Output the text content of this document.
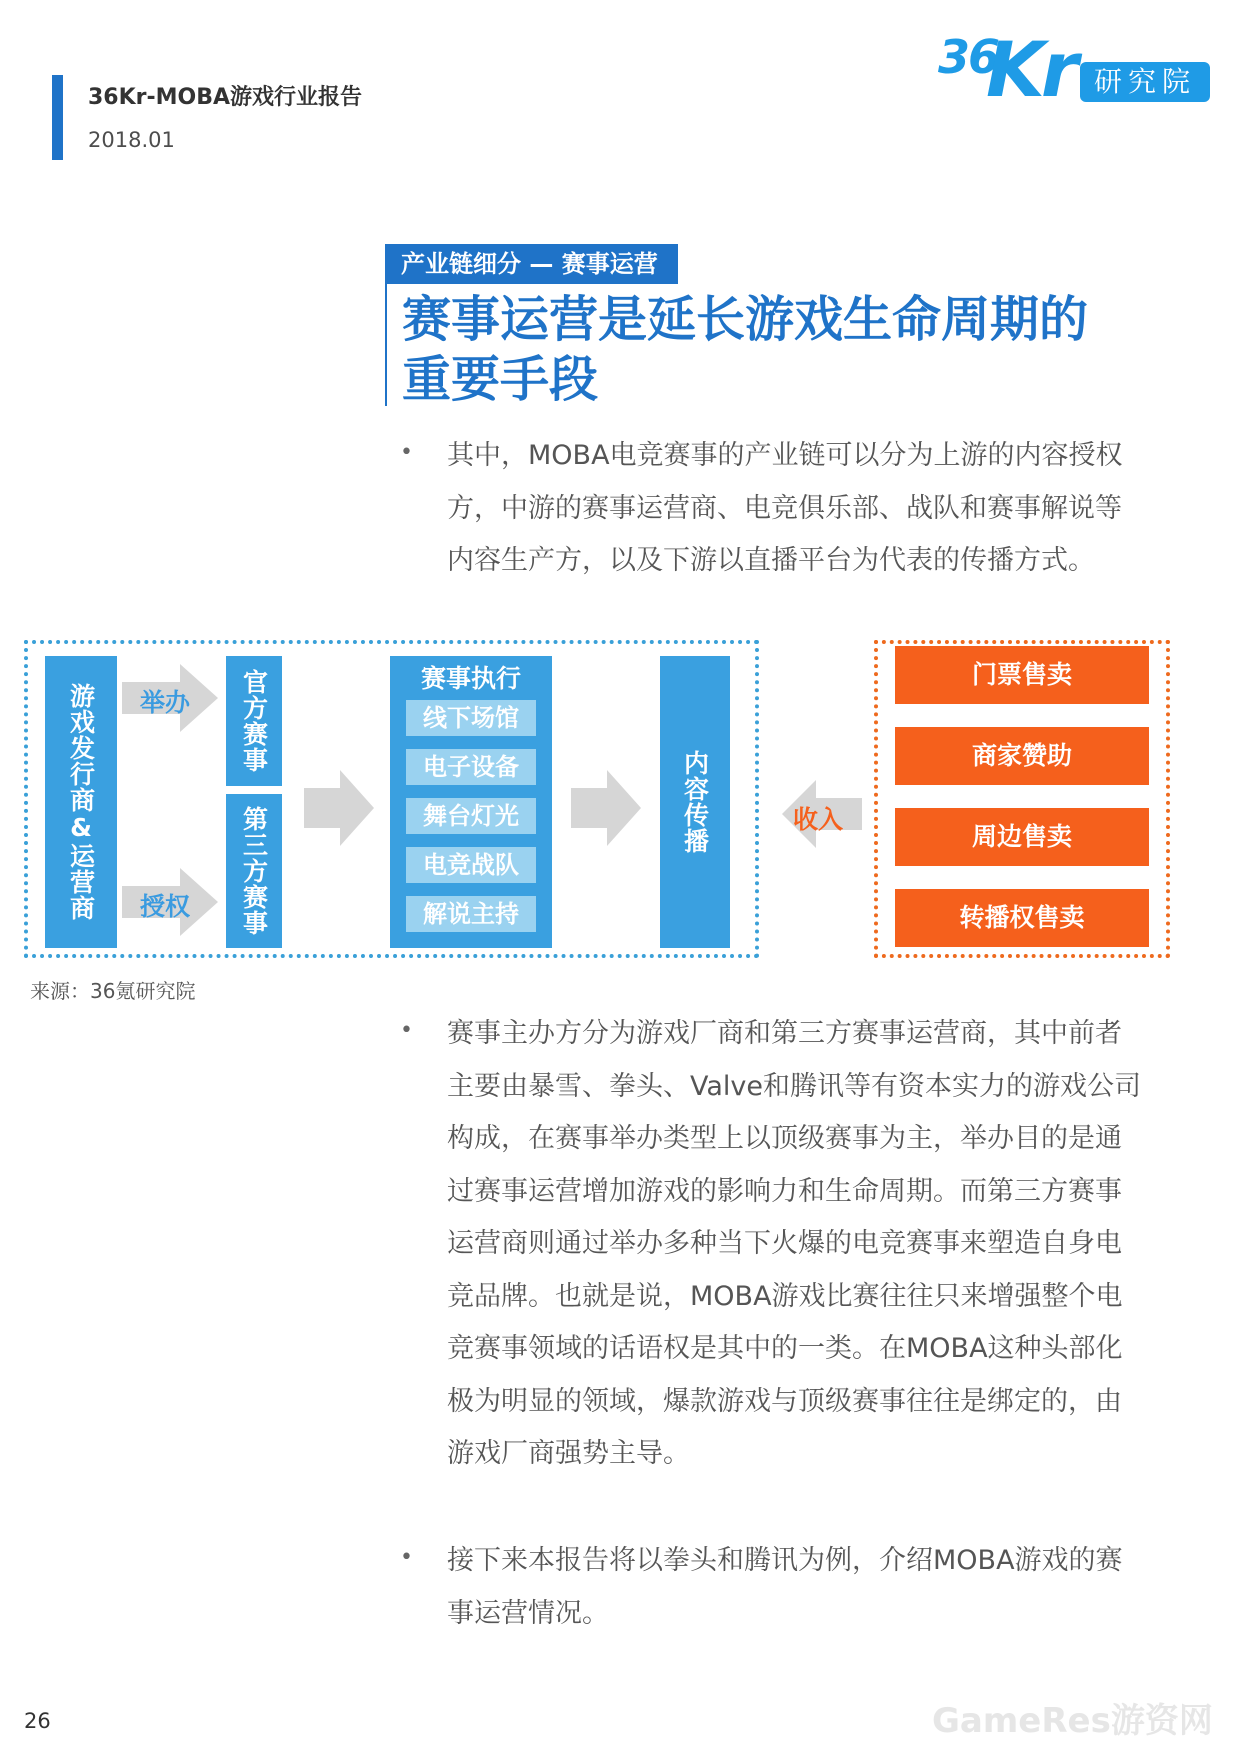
36Kr-MOBA游戏行业报告
2018.01
36
Kr 研究院
产业链细分 — 赛事运营
赛事运营是延长游戏生命周期的重要手段
• 其中，MOBA电竞赛事的产业链可以分为上游的内容授权方，中游的赛事运营商、电竞俱乐部、战队和赛事解说等内容生产方，以及下游以直播平台为代表的传播方式。
游戏发行商&运营商 举办
授权
官方赛事
第三方赛事
赛事执行
线下场馆
电子设备
舞台灯光
电竞战队
解说主持
内容传播	收入
门票售卖
商家赞助
周边售卖
转播权售卖
来源：36氪研究院
• 赛事主办方分为游戏厂商和第三方赛事运营商，其中前者主要由暴雪、拳头、Valve和腾讯等有资本实力的游戏公司构成，在赛事举办类型上以顶级赛事为主，举办目的是通过赛事运营增加游戏的影响力和生命周期。而第三方赛事运营商则通过举办多种当下火爆的电竞赛事来塑造自身电竞品牌。也就是说，MOBA游戏比赛往往只来增强整个电竞赛事领域的话语权是其中的一类。在MOBA这种头部化极为明显的领域，爆款游戏与顶级赛事往往是绑定的，由游戏厂商强势主导。
• 接下来本报告将以拳头和腾讯为例，介绍MOBA游戏的赛事运营情况。
26	GameRes游资网
